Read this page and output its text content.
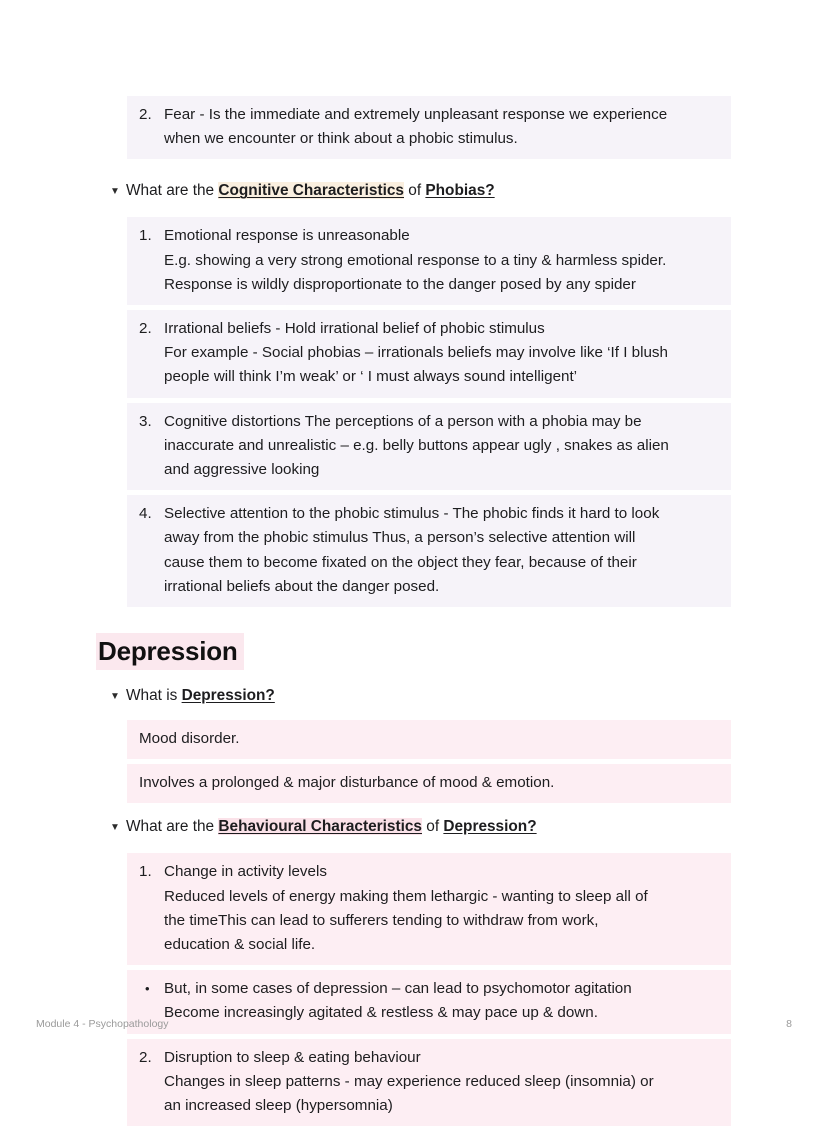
2. Fear - Is the immediate and extremely unpleasant response we experience
when we encounter or think about a phobic stimulus.
▼ What are the Cognitive Characteristics of Phobias?
1. Emotional response is unreasonable
E.g. showing a very strong emotional response to a tiny & harmless spider.
Response is wildly disproportionate to the danger posed by any spider
2. Irrational beliefs - Hold irrational belief of phobic stimulus
For example - Social phobias – irrationals beliefs may involve like ‘If I blush
people will think I’m weak’ or ‘ I must always sound intelligent’
3. Cognitive distortions The perceptions of a person with a phobia may be
inaccurate and unrealistic – e.g. belly buttons appear ugly , snakes as alien
and aggressive looking
4. Selective attention to the phobic stimulus - The phobic finds it hard to look
away from the phobic stimulus Thus, a person’s selective attention will
cause them to become fixated on the object they fear, because of their
irrational beliefs about the danger posed.
Depression
▼ What is Depression?
Mood disorder.
Involves a prolonged & major disturbance of mood & emotion.
▼ What are the Behavioural Characteristics of Depression?
1. Change in activity levels
Reduced levels of energy making them lethargic - wanting to sleep all of
the timeThis can lead to sufferers tending to withdraw from work,
education & social life.
• But, in some cases of depression – can lead to psychomotor agitation
Become increasingly agitated & restless & may pace up & down.
2. Disruption to sleep & eating behaviour
Changes in sleep patterns - may experience reduced sleep (insomnia) or
an increased sleep (hypersomnia)
Module 4 - Psychopathology	8
